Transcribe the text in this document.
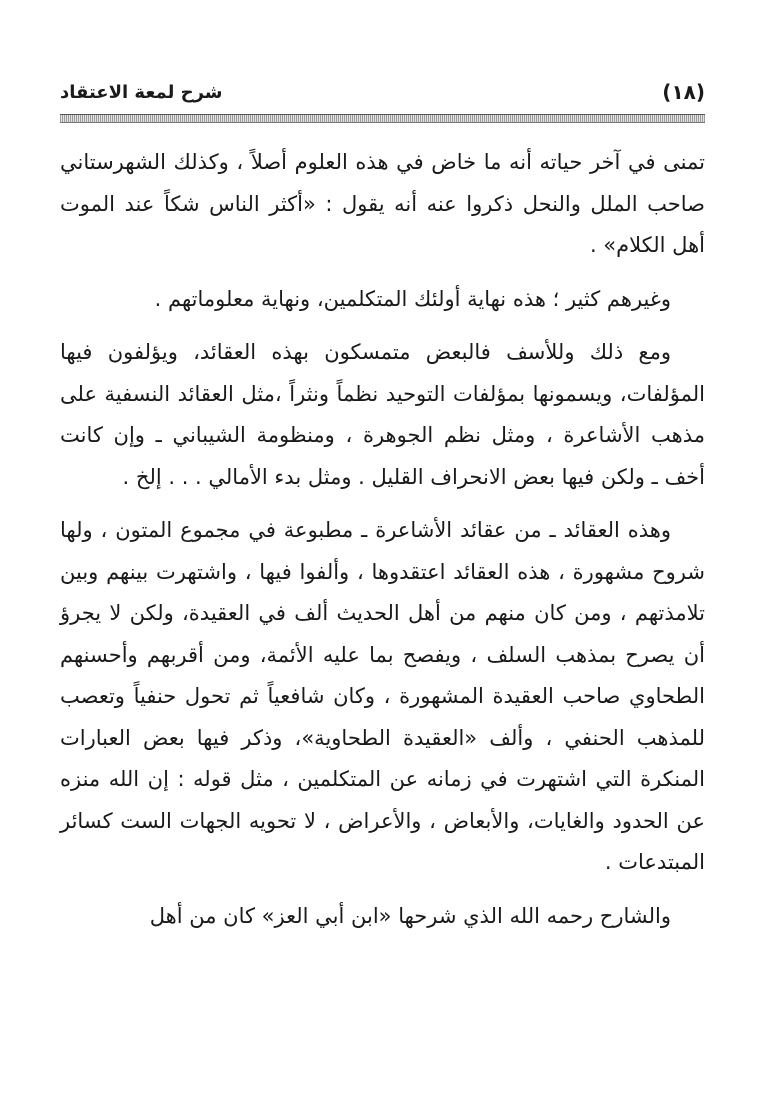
شرح لمعة الاعتقاد	(١٨)

تمنى في آخر حياته أنه ما خاض في هذه العلوم أصلاً ، وكذلك الشهرستاني صاحب الملل والنحل ذكروا عنه أنه يقول : «أكثر الناس شكاً عند الموت أهل الكلام» .

وغيرهم كثير ؛ هذه نهاية أولئك المتكلمين، ونهاية معلوماتهم .

ومع ذلك وللأسف فالبعض متمسكون بهذه العقائد، ويؤلفون فيها المؤلفات، ويسمونها بمؤلفات التوحيد نظماً ونثراً ،مثل العقائد النسفية على مذهب الأشاعرة ، ومثل نظم الجوهرة ، ومنظومة الشيباني ـ وإن كانت أخف ـ ولكن فيها بعض الانحراف القليل . ومثل بدء الأمالي . . . إلخ .

وهذه العقائد ـ من عقائد الأشاعرة ـ مطبوعة في مجموع المتون ، ولها شروح مشهورة ، هذه العقائد اعتقدوها ، وألفوا فيها ، واشتهرت بينهم وبين تلامذتهم ، ومن كان منهم من أهل الحديث ألف في العقيدة، ولكن لا يجرؤ أن يصرح بمذهب السلف ، ويفصح بما عليه الأئمة، ومن أقربهم وأحسنهم الطحاوي صاحب العقيدة المشهورة ، وكان شافعياً ثم تحول حنفياً وتعصب للمذهب الحنفي ، وألف «العقيدة الطحاوية»، وذكر فيها بعض العبارات المنكرة التي اشتهرت في زمانه عن المتكلمين ، مثل قوله : إن الله منزه عن الحدود والغايات، والأبعاض ، والأعراض ، لا تحويه الجهات الست كسائر المبتدعات .

والشارح رحمه الله الذي شرحها «ابن أبي العز» كان من أهل
